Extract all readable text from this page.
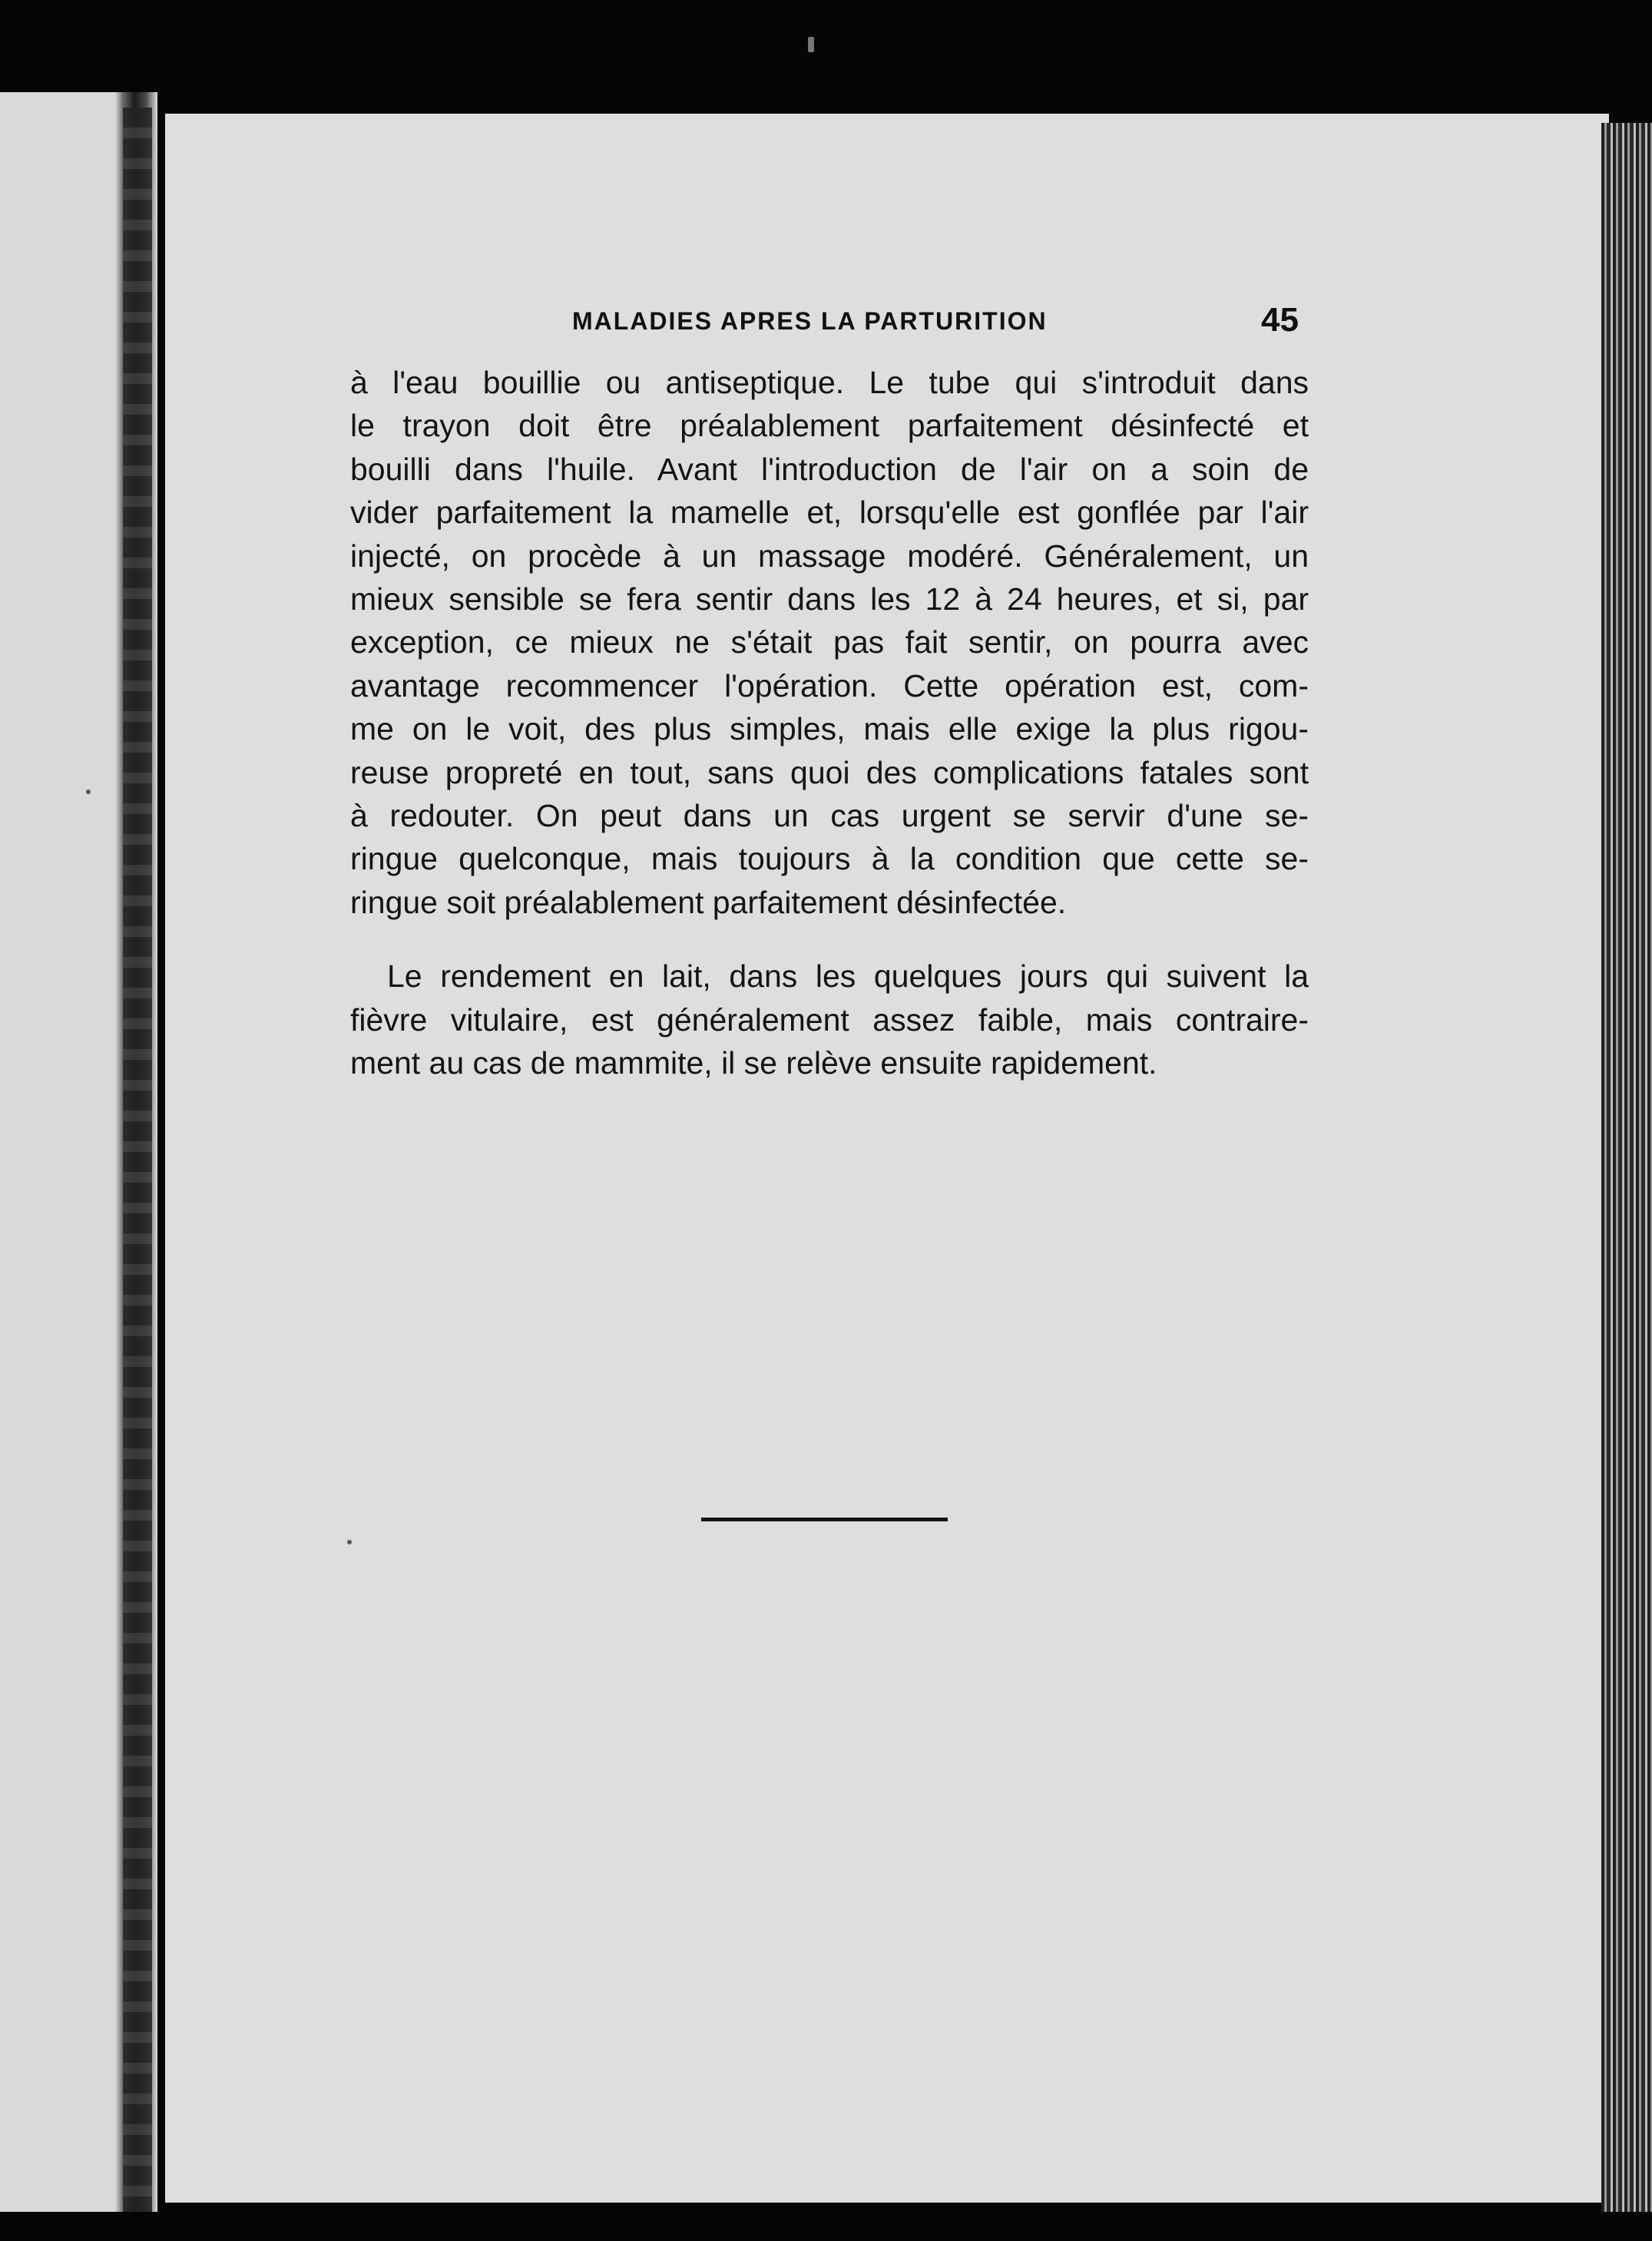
MALADIES APRES LA PARTURITION	45
à l'eau bouillie ou antiseptique. Le tube qui s'introduit dans
le trayon doit être préalablement parfaitement désinfecté et
bouilli dans l'huile. Avant l'introduction de l'air on a soin de
vider parfaitement la mamelle et, lorsqu'elle est gonflée par l'air
injecté, on procède à un massage modéré. Généralement, un
mieux sensible se fera sentir dans les 12 à 24 heures, et si, par
exception, ce mieux ne s'était pas fait sentir, on pourra avec
avantage recommencer l'opération. Cette opération est, com-
me on le voit, des plus simples, mais elle exige la plus rigou-
reuse propreté en tout, sans quoi des complications fatales sont
à redouter. On peut dans un cas urgent se servir d'une se-
ringue quelconque, mais toujours à la condition que cette se-
ringue soit préalablement parfaitement désinfectée.
Le rendement en lait, dans les quelques jours qui suivent la
fièvre vitulaire, est généralement assez faible, mais contraire-
ment au cas de mammite, il se relève ensuite rapidement.
